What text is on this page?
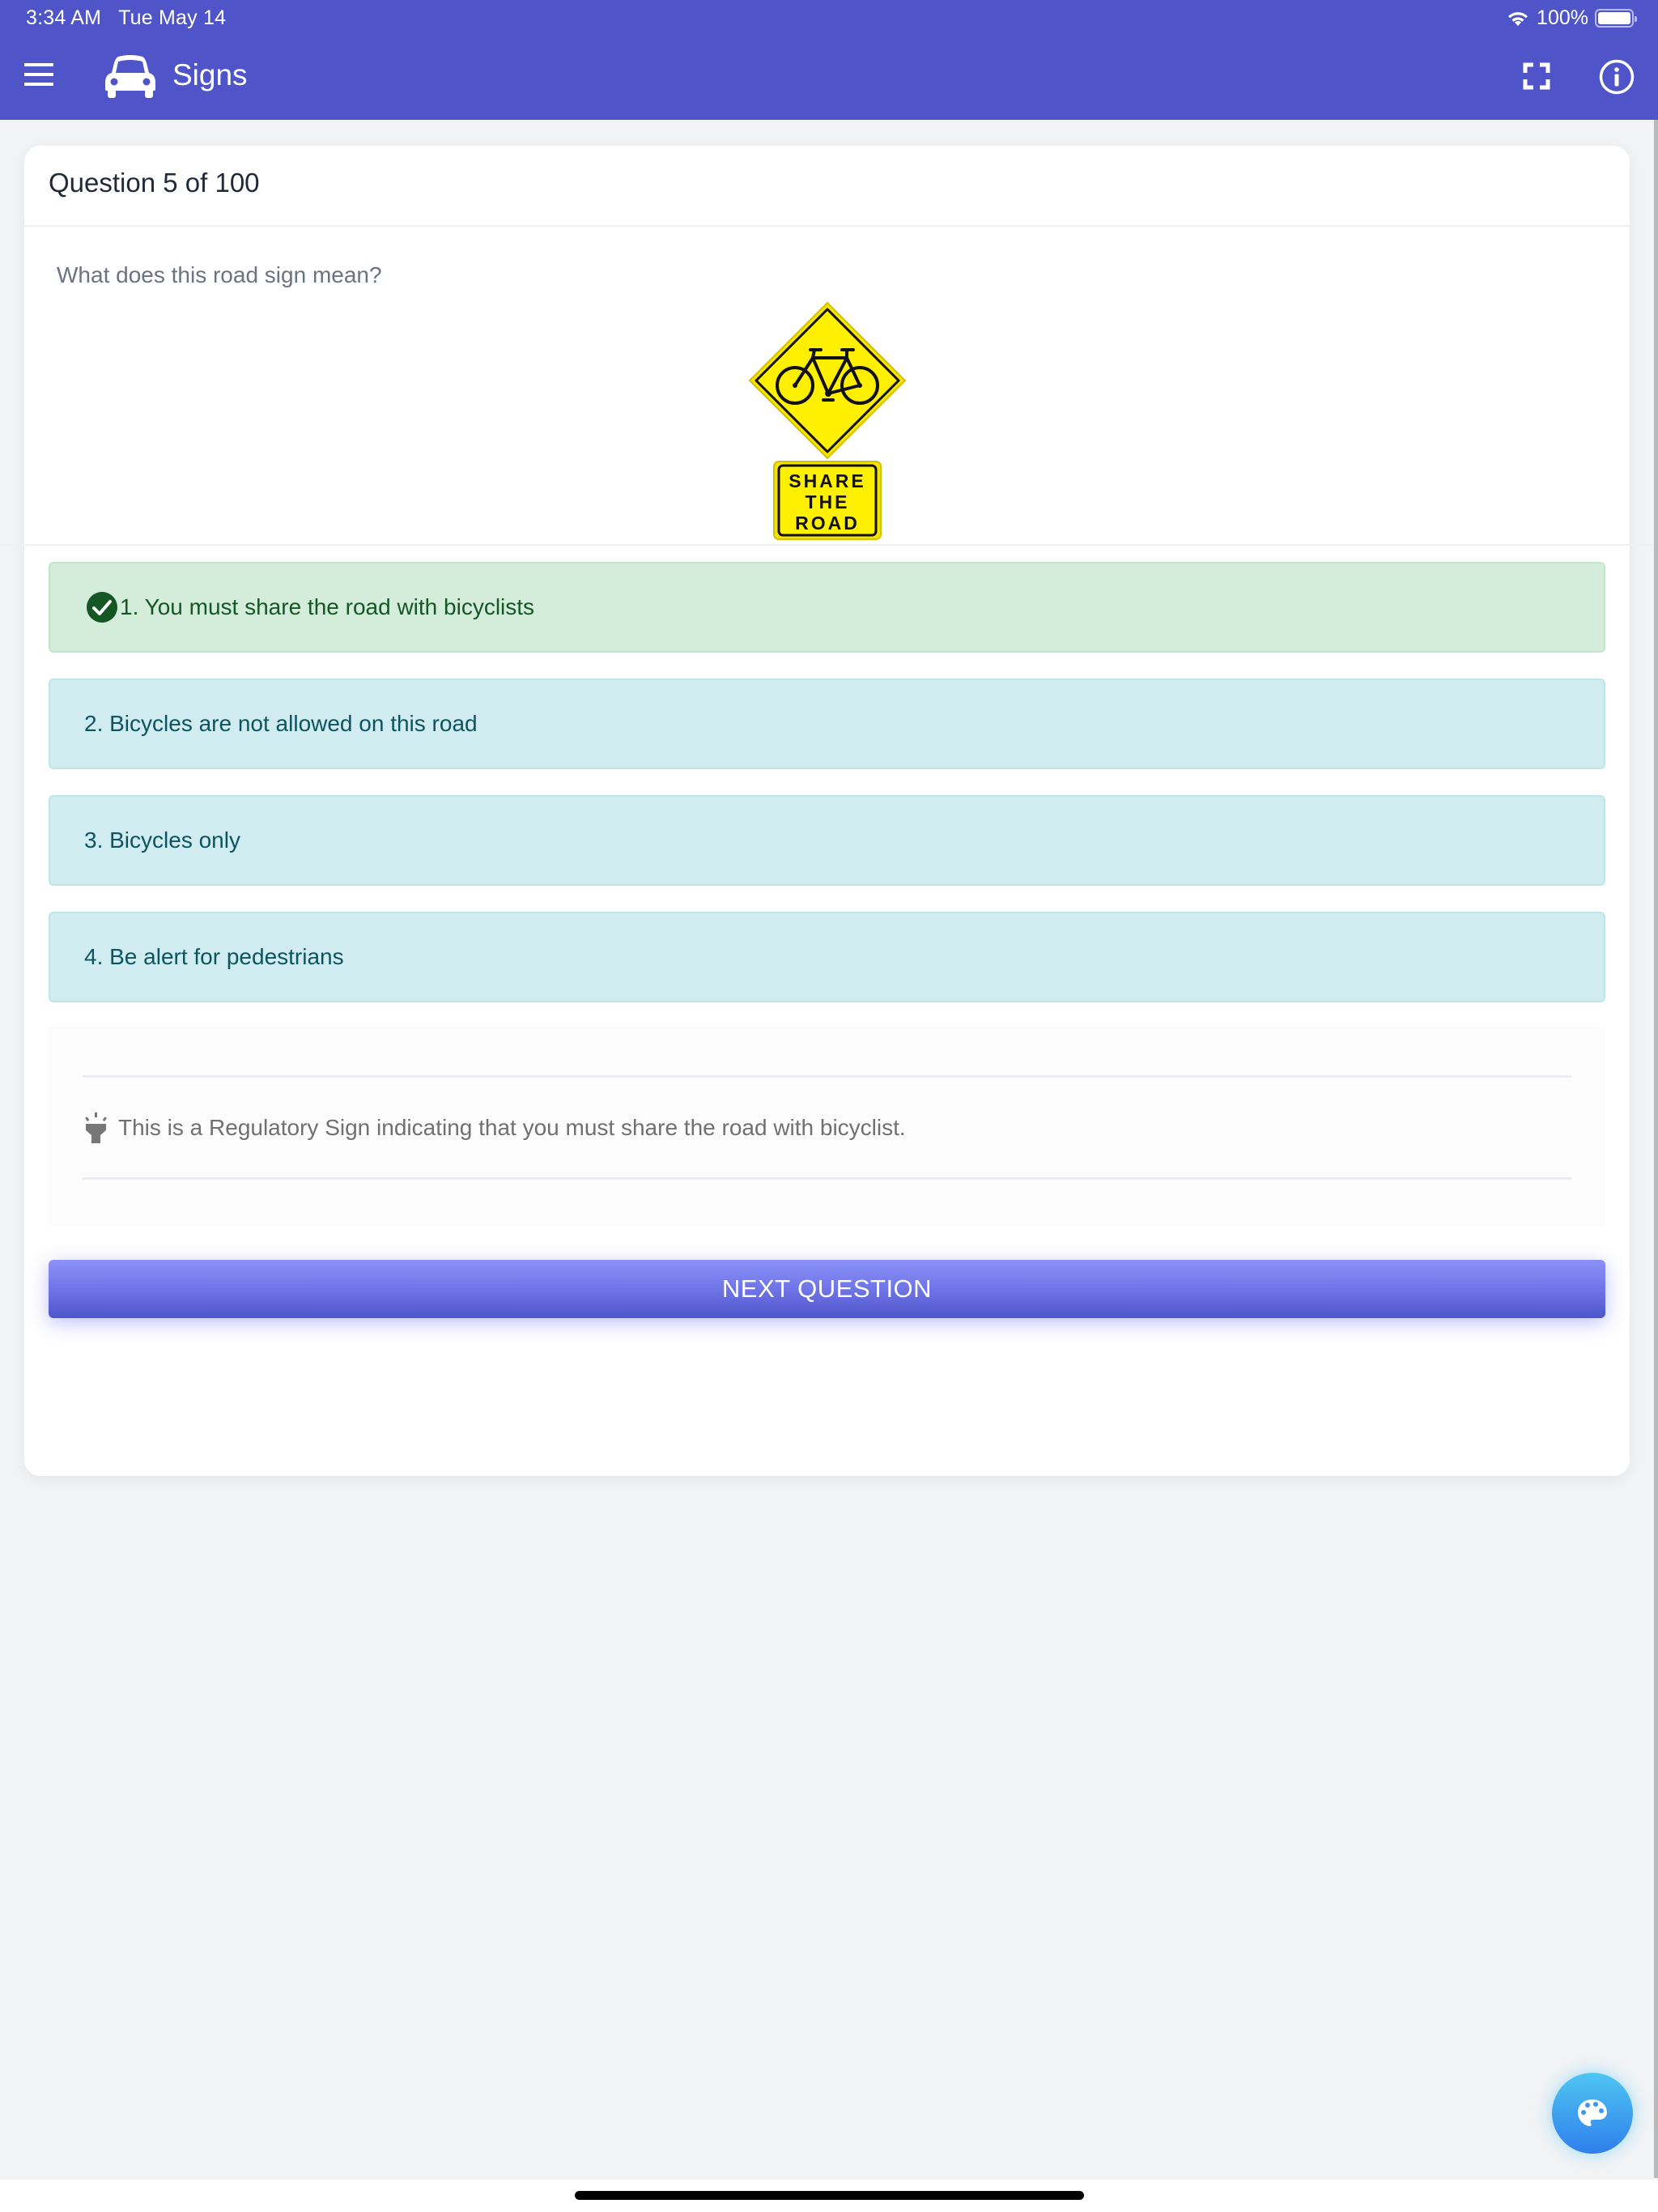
3:34 AM Tue May 14	100%
Signs
Question 5 of 100
What does this road sign mean?
SHARE
THE
ROAD
1. You must share the road with bicyclists
2. Bicycles are not allowed on this road
3. Bicycles only
4. Be alert for pedestrians
This is a Regulatory Sign indicating that you must share the road with bicyclist.
NEXT QUESTION
